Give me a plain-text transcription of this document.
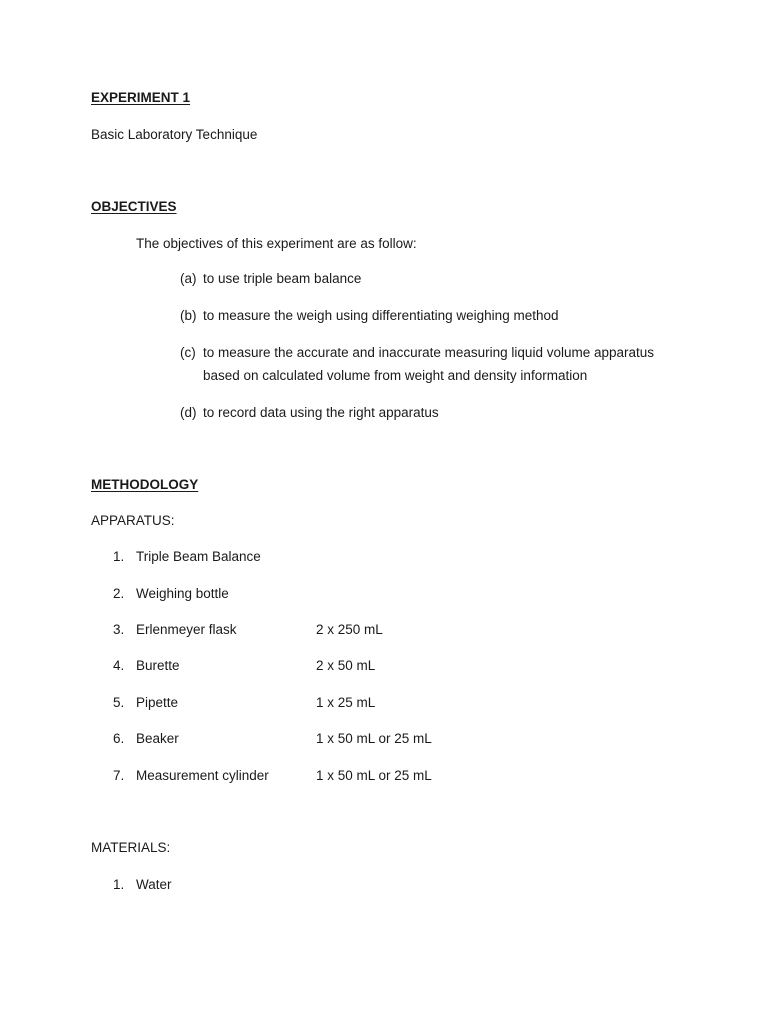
EXPERIMENT 1
Basic Laboratory Technique
OBJECTIVES
The objectives of this experiment are as follow:
(a) to use triple beam balance
(b) to measure the weigh using differentiating weighing method
(c) to measure the accurate and inaccurate measuring liquid volume apparatus
based on calculated volume from weight and density information
(d) to record data using the right apparatus
METHODOLOGY
APPARATUS:
1. Triple Beam Balance
2. Weighing bottle
3. Erlenmeyer flask	2 x 250 mL
4. Burette	2 x 50 mL
5. Pipette	1 x 25 mL
6. Beaker	1 x 50 mL or 25 mL
7. Measurement cylinder	1 x 50 mL or 25 mL
MATERIALS:
1. Water
